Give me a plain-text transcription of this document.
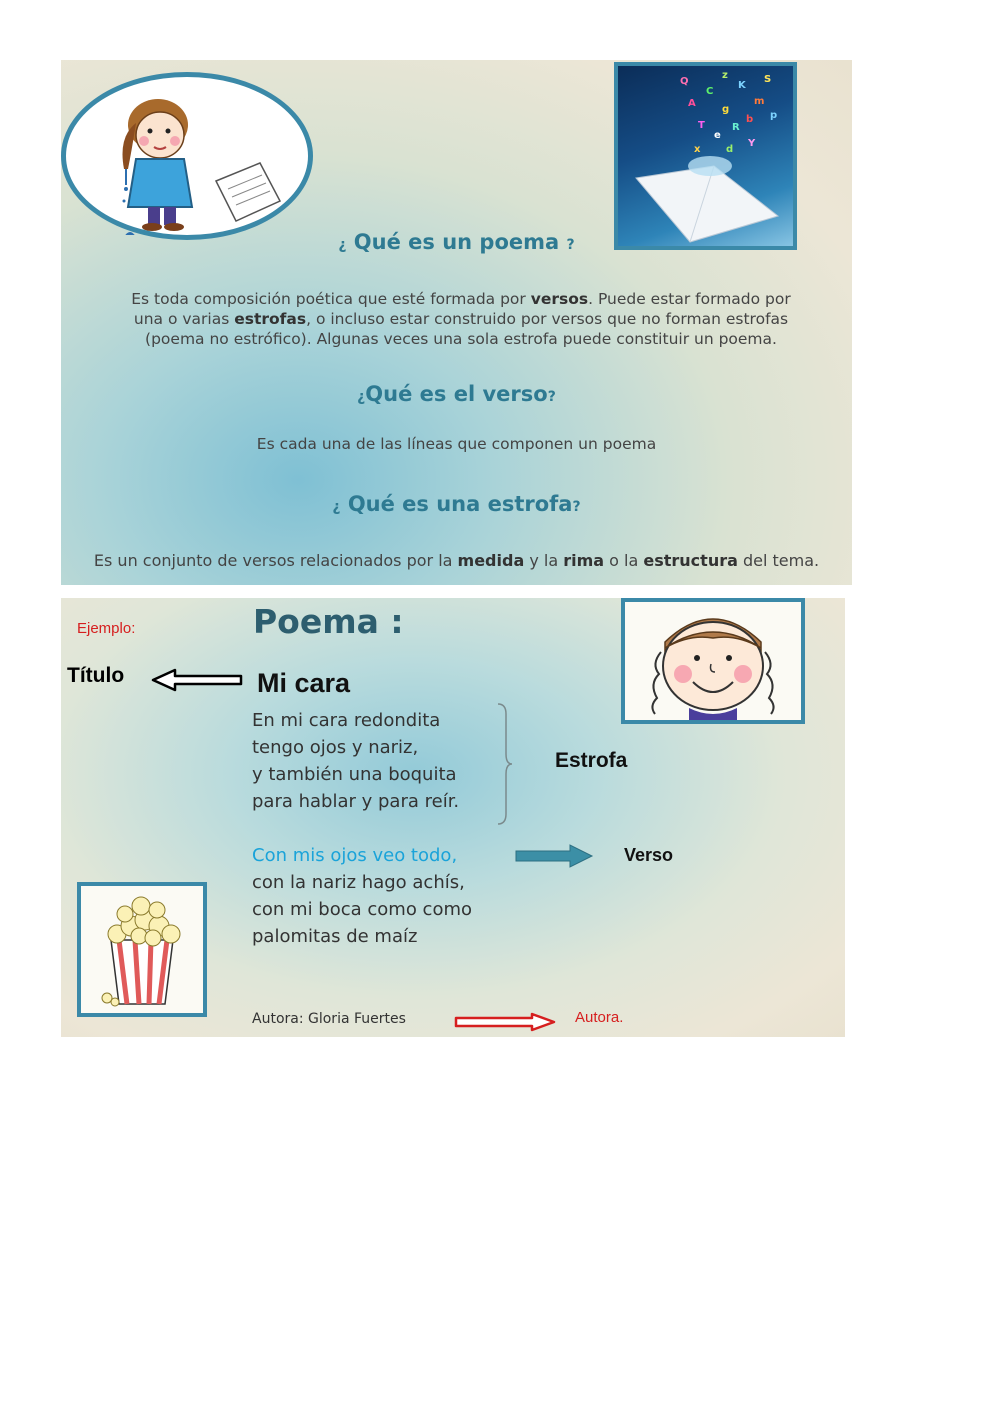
A
C
g
K
m
T
e
R
b
S
d
Y
p
x
Q
z
¿ Qué es un poema ?
Es toda composición poética que esté formada por versos. Puede estar formado por
una o varias estrofas, o incluso estar construido por versos que no forman estrofas
(poema no estrófico). Algunas veces una sola estrofa puede constituir un poema.
¿Qué es el verso?
Es cada una de las líneas que componen un poema
¿ Qué es una estrofa?
Es un conjunto de versos relacionados por la medida y la rima o la estructura del tema.
Ejemplo:	Poema :
Título	Mi cara
En mi cara redondita
tengo ojos y nariz,
y también una boquita
para hablar y para reír.
Estrofa
Con mis ojos veo todo,
con la nariz hago achís,
con mi boca como como
palomitas de maíz
Verso
Autora: Gloria Fuertes	Autora.
